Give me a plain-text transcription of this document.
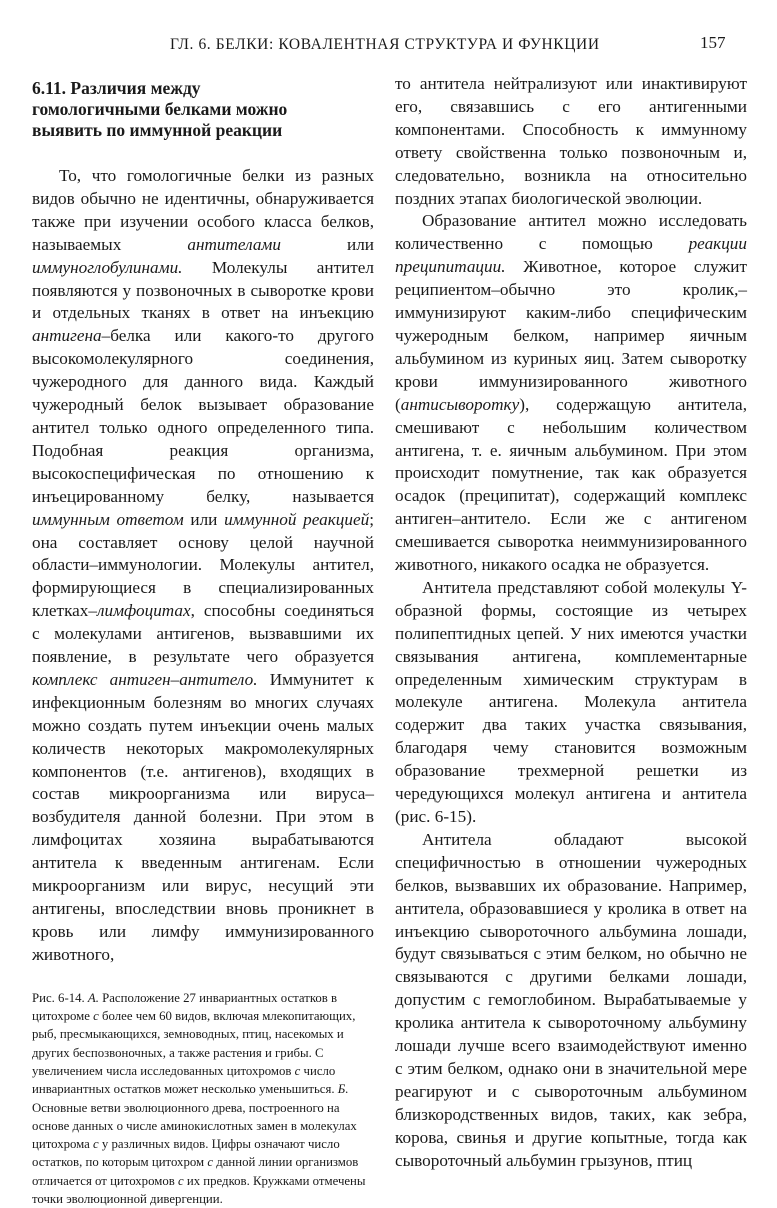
ГЛ. 6. БЕЛКИ: КОВАЛЕНТНАЯ СТРУКТУРА И ФУНКЦИИ	157
6.11. Различия между
гомологичными белками можно
выявить по иммунной реакции

То, что гомологичные белки из разных видов обычно не идентичны, обнаруживается также при изучении особого класса белков, называемых антителами или иммуноглобулинами. Молекулы антител появляются у позвоночных в сыворотке крови и отдельных тканях в ответ на инъекцию антигена–белка или какого-то другого высокомолекулярного соединения, чужеродного для данного вида. Каждый чужеродный белок вызывает образование антител только одного определенного типа. Подобная реакция организма, высокоспецифическая по отношению к инъецированному белку, называется иммунным ответом или иммунной реакцией; она составляет основу целой научной области–иммунологии. Молекулы антител, формирующиеся в специализированных клетках–лимфоцитах, способны соединяться с молекулами антигенов, вызвавшими их появление, в результате чего образуется комплекс антиген–антитело. Иммунитет к инфекционным болезням во многих случаях можно создать путем инъекции очень малых количеств некоторых макромолекулярных компонентов (т.е. антигенов), входящих в состав микроорганизма или вируса–возбудителя данной болезни. При этом в лимфоцитах хозяина вырабатываются антитела к введенным антигенам. Если микроорганизм или вирус, несущий эти антигены, впоследствии вновь проникнет в кровь или лимфу иммунизированного животного,

Рис. 6-14. А. Расположение 27 инвариантных остатков в цитохроме с более чем 60 видов, включая млекопитающих, рыб, пресмыкающихся, земноводных, птиц, насекомых и других беспозвоночных, а также растения и грибы. С увеличением числа исследованных цитохромов с число инвариантных остатков может несколько уменьшиться. Б. Основные ветви эволюционного древа, построенного на основе данных о числе аминокислотных замен в молекулах цитохрома с у различных видов. Цифры означают число остатков, по которым цитохром с данной линии организмов отличается от цитохромов с их предков. Кружками отмечены точки эволюционной дивергенции.

то антитела нейтрализуют или инактивируют его, связавшись с его антигенными компонентами. Способность к иммунному ответу свойственна только позвоночным и, следовательно, возникла на относительно поздних этапах биологической эволюции.

Образование антител можно исследовать количественно с помощью реакции преципитации. Животное, которое служит реципиентом–обычно это кролик,–иммунизируют каким-либо специфическим чужеродным белком, например яичным альбумином из куриных яиц. Затем сыворотку крови иммунизированного животного (антисыворотку), содержащую антитела, смешивают с небольшим количеством антигена, т. е. яичным альбумином. При этом происходит помутнение, так как образуется осадок (преципитат), содержащий комплекс антиген–антитело. Если же с антигеном смешивается сыворотка неиммунизированного животного, никакого осадка не образуется.

Антитела представляют собой молекулы Y-образной формы, состоящие из четырех полипептидных цепей. У них имеются участки связывания антигена, комплементарные определенным химическим структурам в молекуле антигена. Молекула антитела содержит два таких участка связывания, благодаря чему становится возможным образование трехмерной решетки из чередующихся молекул антигена и антитела (рис. 6-15).

Антитела обладают высокой специфичностью в отношении чужеродных белков, вызвавших их образование. Например, антитела, образовавшиеся у кролика в ответ на инъекцию сывороточного альбумина лошади, будут связываться с этим белком, но обычно не связываются с другими белками лошади, допустим с гемоглобином. Вырабатываемые у кролика антитела к сывороточному альбумину лошади лучше всего взаимодействуют именно с этим белком, однако они в значительной мере реагируют и с сывороточным альбумином близкородственных видов, таких, как зебра, корова, свинья и другие копытные, тогда как сывороточный альбумин грызунов, птиц
